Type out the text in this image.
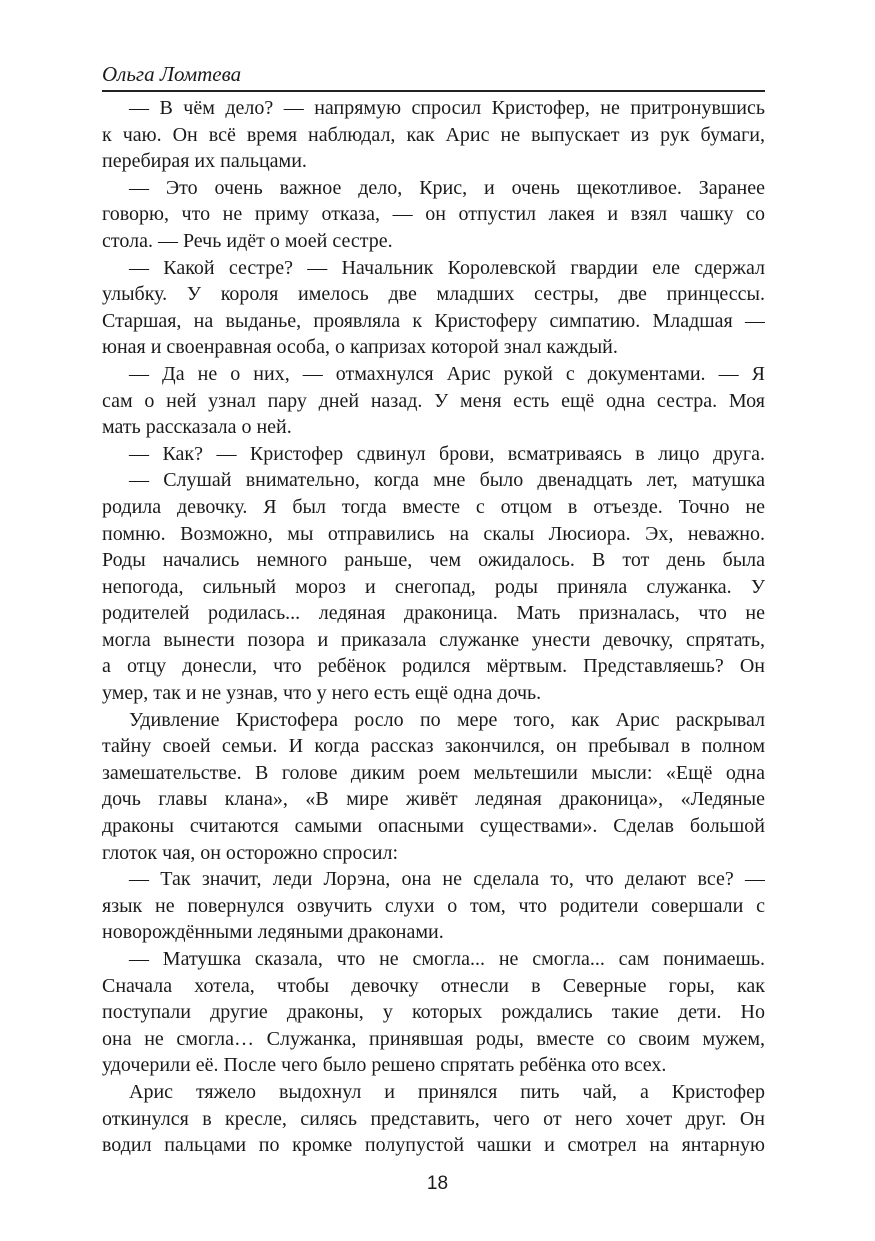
Ольга Ломтева
— В чём дело? — напрямую спросил Кристофер, не притронувшись
к чаю. Он всё время наблюдал, как Арис не выпускает из рук бумаги,
перебирая их пальцами.
— Это очень важное дело, Крис, и очень щекотливое. Заранее
говорю, что не приму отказа, — он отпустил лакея и взял чашку со
стола. — Речь идёт о моей сестре.
— Какой сестре? — Начальник Королевской гвардии еле сдержал
улыбку. У короля имелось две младших сестры, две принцессы.
Старшая, на выданье, проявляла к Кристоферу симпатию. Младшая —
юная и своенравная особа, о капризах которой знал каждый.
— Да не о них, — отмахнулся Арис рукой с документами. — Я
сам о ней узнал пару дней назад. У меня есть ещё одна сестра. Моя
мать рассказала о ней.
— Как? — Кристофер сдвинул брови, всматриваясь в лицо друга.
— Слушай внимательно, когда мне было двенадцать лет, матушка
родила девочку. Я был тогда вместе с отцом в отъезде. Точно не
помню. Возможно, мы отправились на скалы Люсиора. Эх, неважно.
Роды начались немного раньше, чем ожидалось. В тот день была
непогода, сильный мороз и снегопад, роды приняла служанка. У
родителей родилась... ледяная драконица. Мать призналась, что не
могла вынести позора и приказала служанке унести девочку, спрятать,
а отцу донесли, что ребёнок родился мёртвым. Представляешь? Он
умер, так и не узнав, что у него есть ещё одна дочь.
Удивление Кристофера росло по мере того, как Арис раскрывал
тайну своей семьи. И когда рассказ закончился, он пребывал в полном
замешательстве. В голове диким роем мельтешили мысли: «Ещё одна
дочь главы клана», «В мире живёт ледяная драконица», «Ледяные
драконы считаются самыми опасными существами». Сделав большой
глоток чая, он осторожно спросил:
— Так значит, леди Лорэна, она не сделала то, что делают все? —
язык не повернулся озвучить слухи о том, что родители совершали с
новорождёнными ледяными драконами.
— Матушка сказала, что не смогла... не смогла... сам понимаешь.
Сначала хотела, чтобы девочку отнесли в Северные горы, как
поступали другие драконы, у которых рождались такие дети. Но
она не смогла… Служанка, принявшая роды, вместе со своим мужем,
удочерили её. После чего было решено спрятать ребёнка ото всех.
Арис тяжело выдохнул и принялся пить чай, а Кристофер
откинулся в кресле, силясь представить, чего от него хочет друг. Он
водил пальцами по кромке полупустой чашки и смотрел на янтарную
18
